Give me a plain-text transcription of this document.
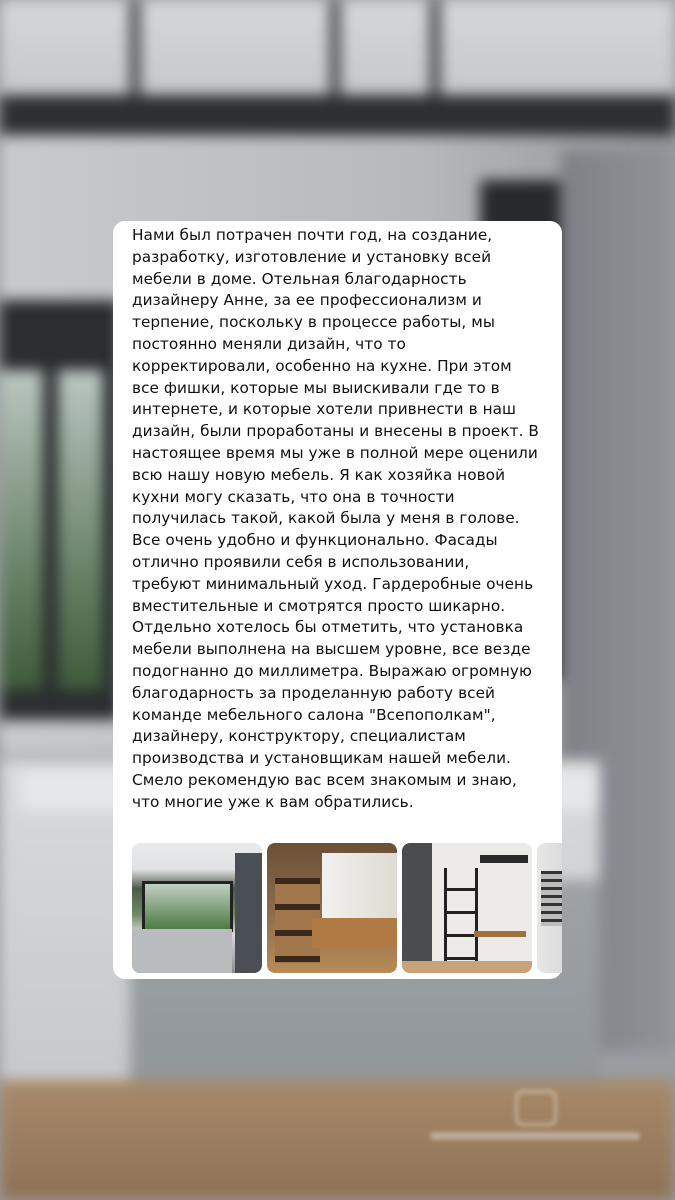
Нами был потрачен почти год, на создание,
разработку, изготовление и установку всей
мебели в доме. Отельная благодарность
дизайнеру Анне, за ее профессионализм и
терпение, поскольку в процессе работы, мы
постоянно меняли дизайн, что то
корректировали, особенно на кухне. При этом
все фишки, которые мы выискивали где то в
интернете, и которые хотели привнести в наш
дизайн, были проработаны и внесены в проект. В
настоящее время мы уже в полной мере оценили
всю нашу новую мебель. Я как хозяйка новой
кухни могу сказать, что она в точности
получилась такой, какой была у меня в голове.
Все очень удобно и функционально. Фасады
отлично проявили себя в использовании,
требуют минимальный уход. Гардеробные очень
вместительные и смотрятся просто шикарно.
Отдельно хотелось бы отметить, что установка
мебели выполнена на высшем уровне, все везде
подогнанно до миллиметра. Выражаю огромную
благодарность за проделанную работу всей
команде мебельного салона "Всепополкам",
дизайнеру, конструктору, специалистам
производства и установщикам нашей мебели.
Смело рекомендую вас всем знакомым и знаю,
что многие уже к вам обратились.
